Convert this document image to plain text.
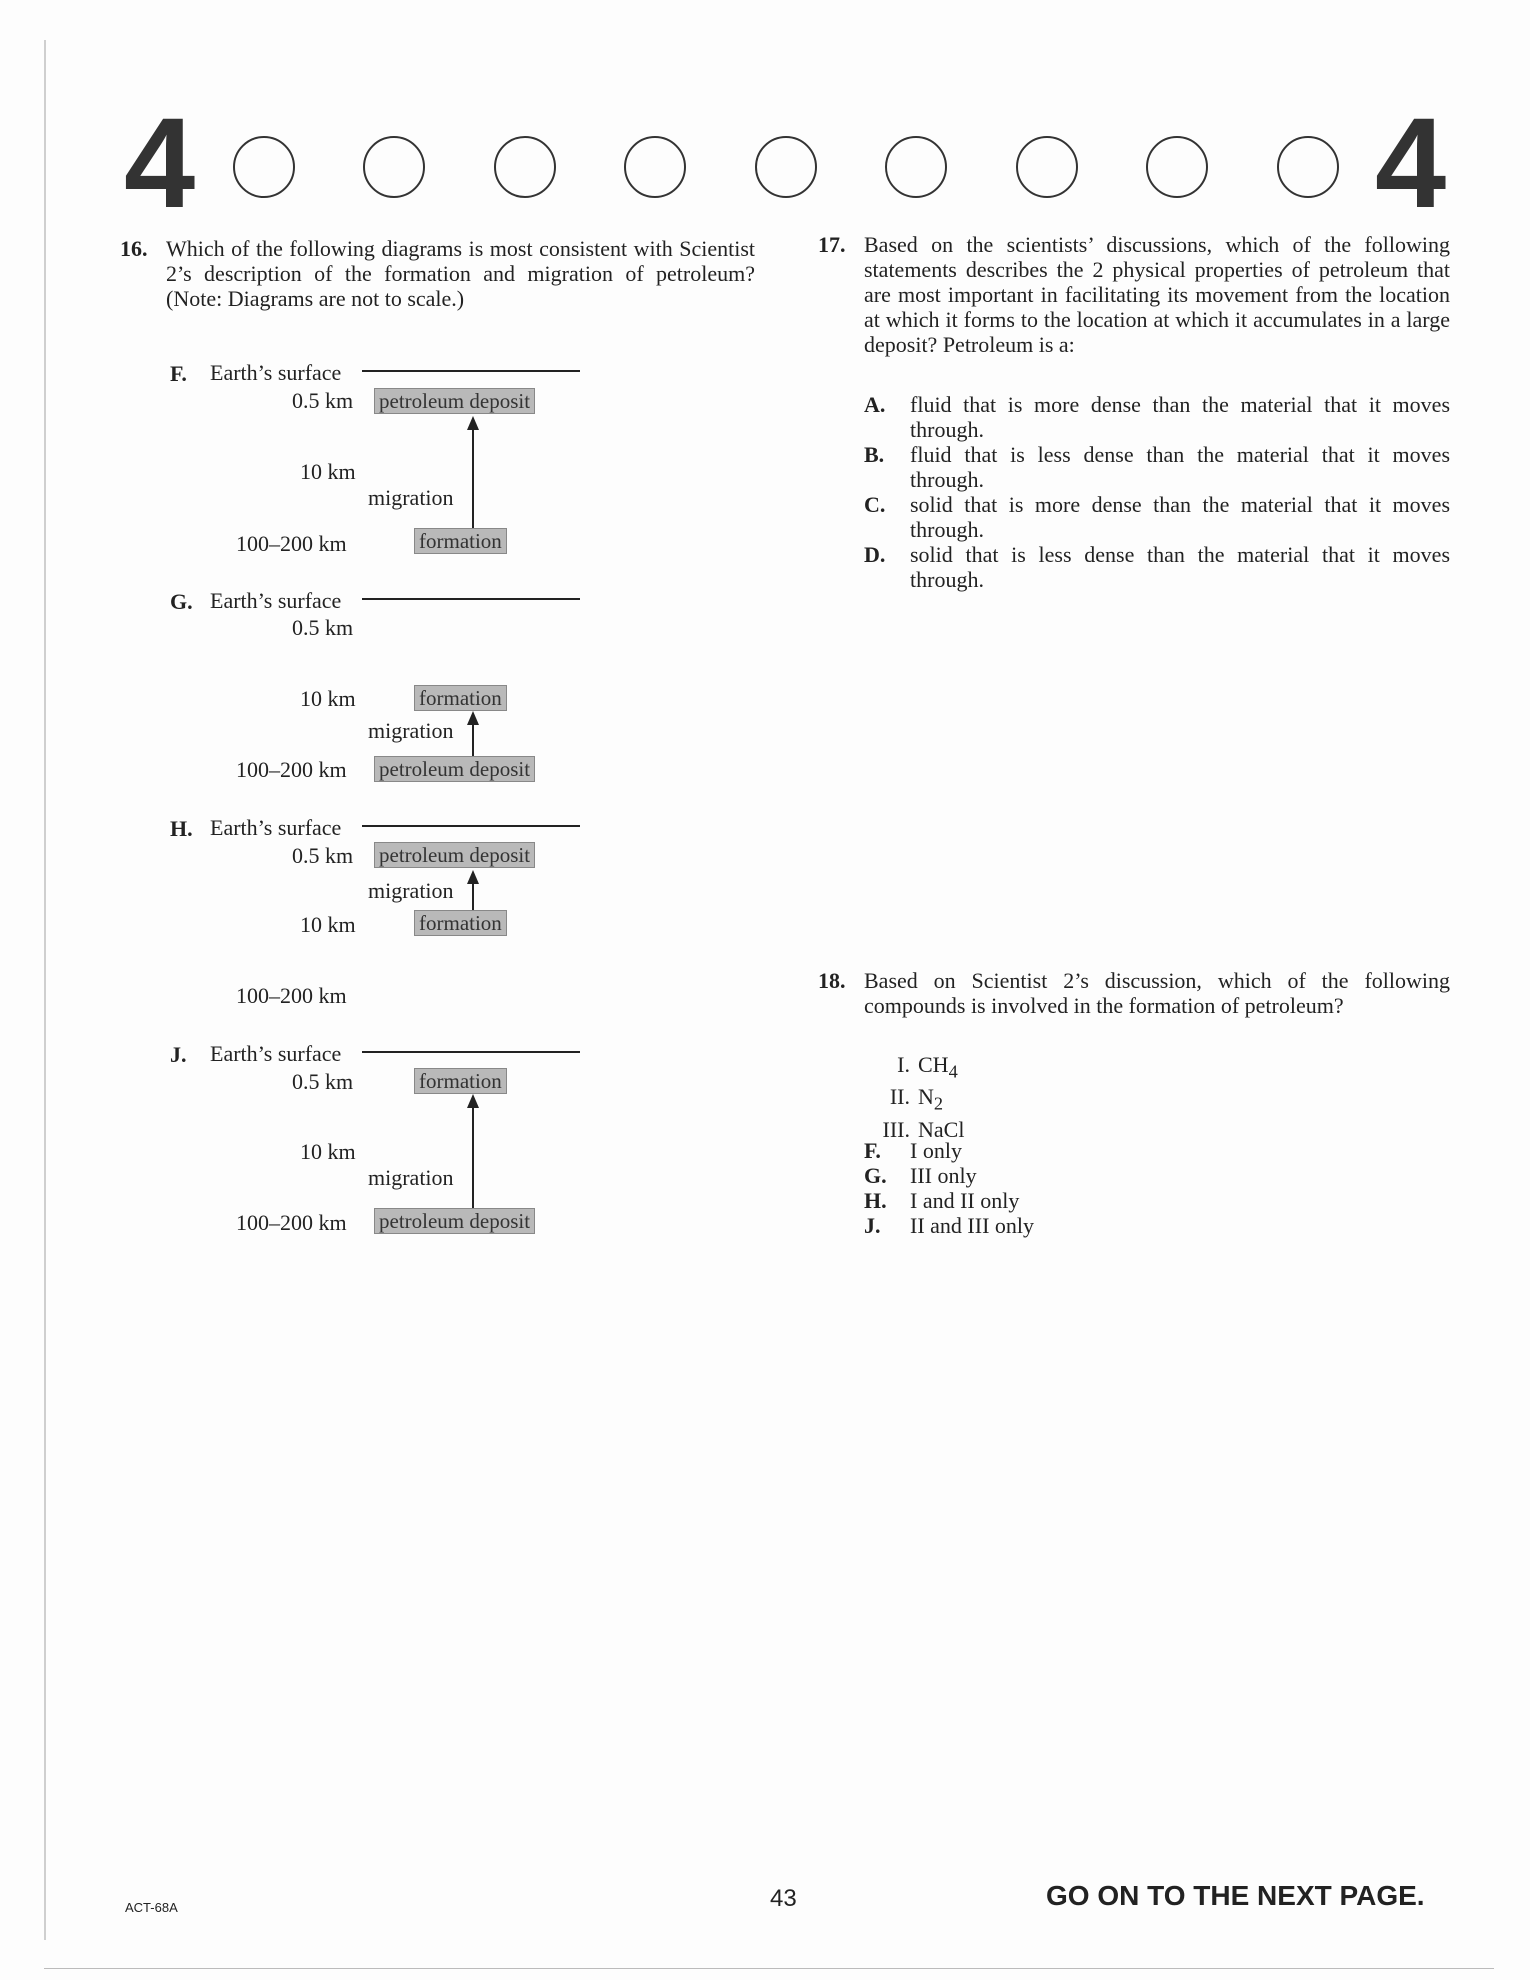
4	4
16. Which of the following diagrams is most consistent with Scientist 2’s description of the formation and migration of petroleum? (Note: Diagrams are not to scale.)
F. Earth’s surface
0.5 km petroleum deposit
10 km
migration
100–200 km	formation
G. Earth’s surface
0.5 km
10 km	formation
migration
100–200 km petroleum deposit
H. Earth’s surface
0.5 km petroleum deposit
migration
10 km	formation
100–200 km
J. Earth’s surface
0.5 km	formation
10 km
migration
100–200 km petroleum deposit
17. Based on the scientists’ discussions, which of the following statements describes the 2 physical properties of petroleum that are most important in facilitating its movement from the location at which it forms to the location at which it accumulates in a large deposit? Petroleum is a:
A. fluid that is more dense than the material that it moves through.
B. fluid that is less dense than the material that it moves through.
C. solid that is more dense than the material that it moves through.
D. solid that is less dense than the material that it moves through.
18. Based on Scientist 2’s discussion, which of the following compounds is involved in the formation of petroleum?
I. $CH_4$
II. $N_2$
III. NaCl
F. I only
G. III only
H. I and II only
J. II and III only
ACT-68A	43	GO ON TO THE NEXT PAGE.
